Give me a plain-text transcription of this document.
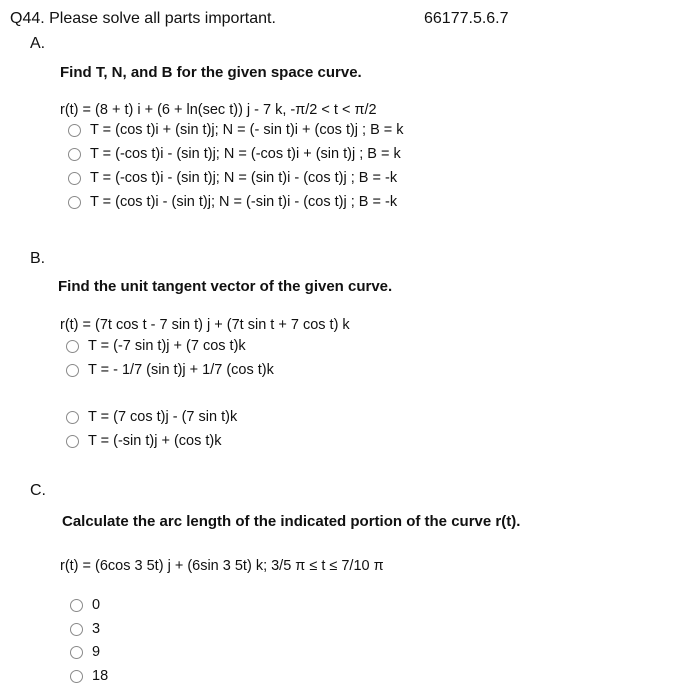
Q44. Please solve all parts important.	66177.5.6.7
A.
Find T, N, and B for the given space curve.
r(t) = (8 + t) i + (6 + ln(sec t)) j - 7 k, -π/2 < t < π/2
T = (cos t)i + (sin t)j; N = (- sin t)i + (cos t)j ; B = k
T = (-cos t)i - (sin t)j; N = (-cos t)i + (sin t)j ; B = k
T = (-cos t)i - (sin t)j; N = (sin t)i - (cos t)j ; B = -k
T = (cos t)i - (sin t)j; N = (-sin t)i - (cos t)j ; B = -k
B.
Find the unit tangent vector of the given curve.
r(t) = (7t cos t - 7 sin t) j + (7t sin t + 7 cos t) k
T = (-7 sin t)j + (7 cos t)k
T = - 1/7 (sin t)j + 1/7 (cos t)k
T = (7 cos t)j - (7 sin t)k
T = (-sin t)j + (cos t)k
C.
Calculate the arc length of the indicated portion of the curve r(t).
r(t) = (6cos 3 5t) j + (6sin 3 5t) k; 3/5 π ≤ t ≤ 7/10 π
0
3
9
18
